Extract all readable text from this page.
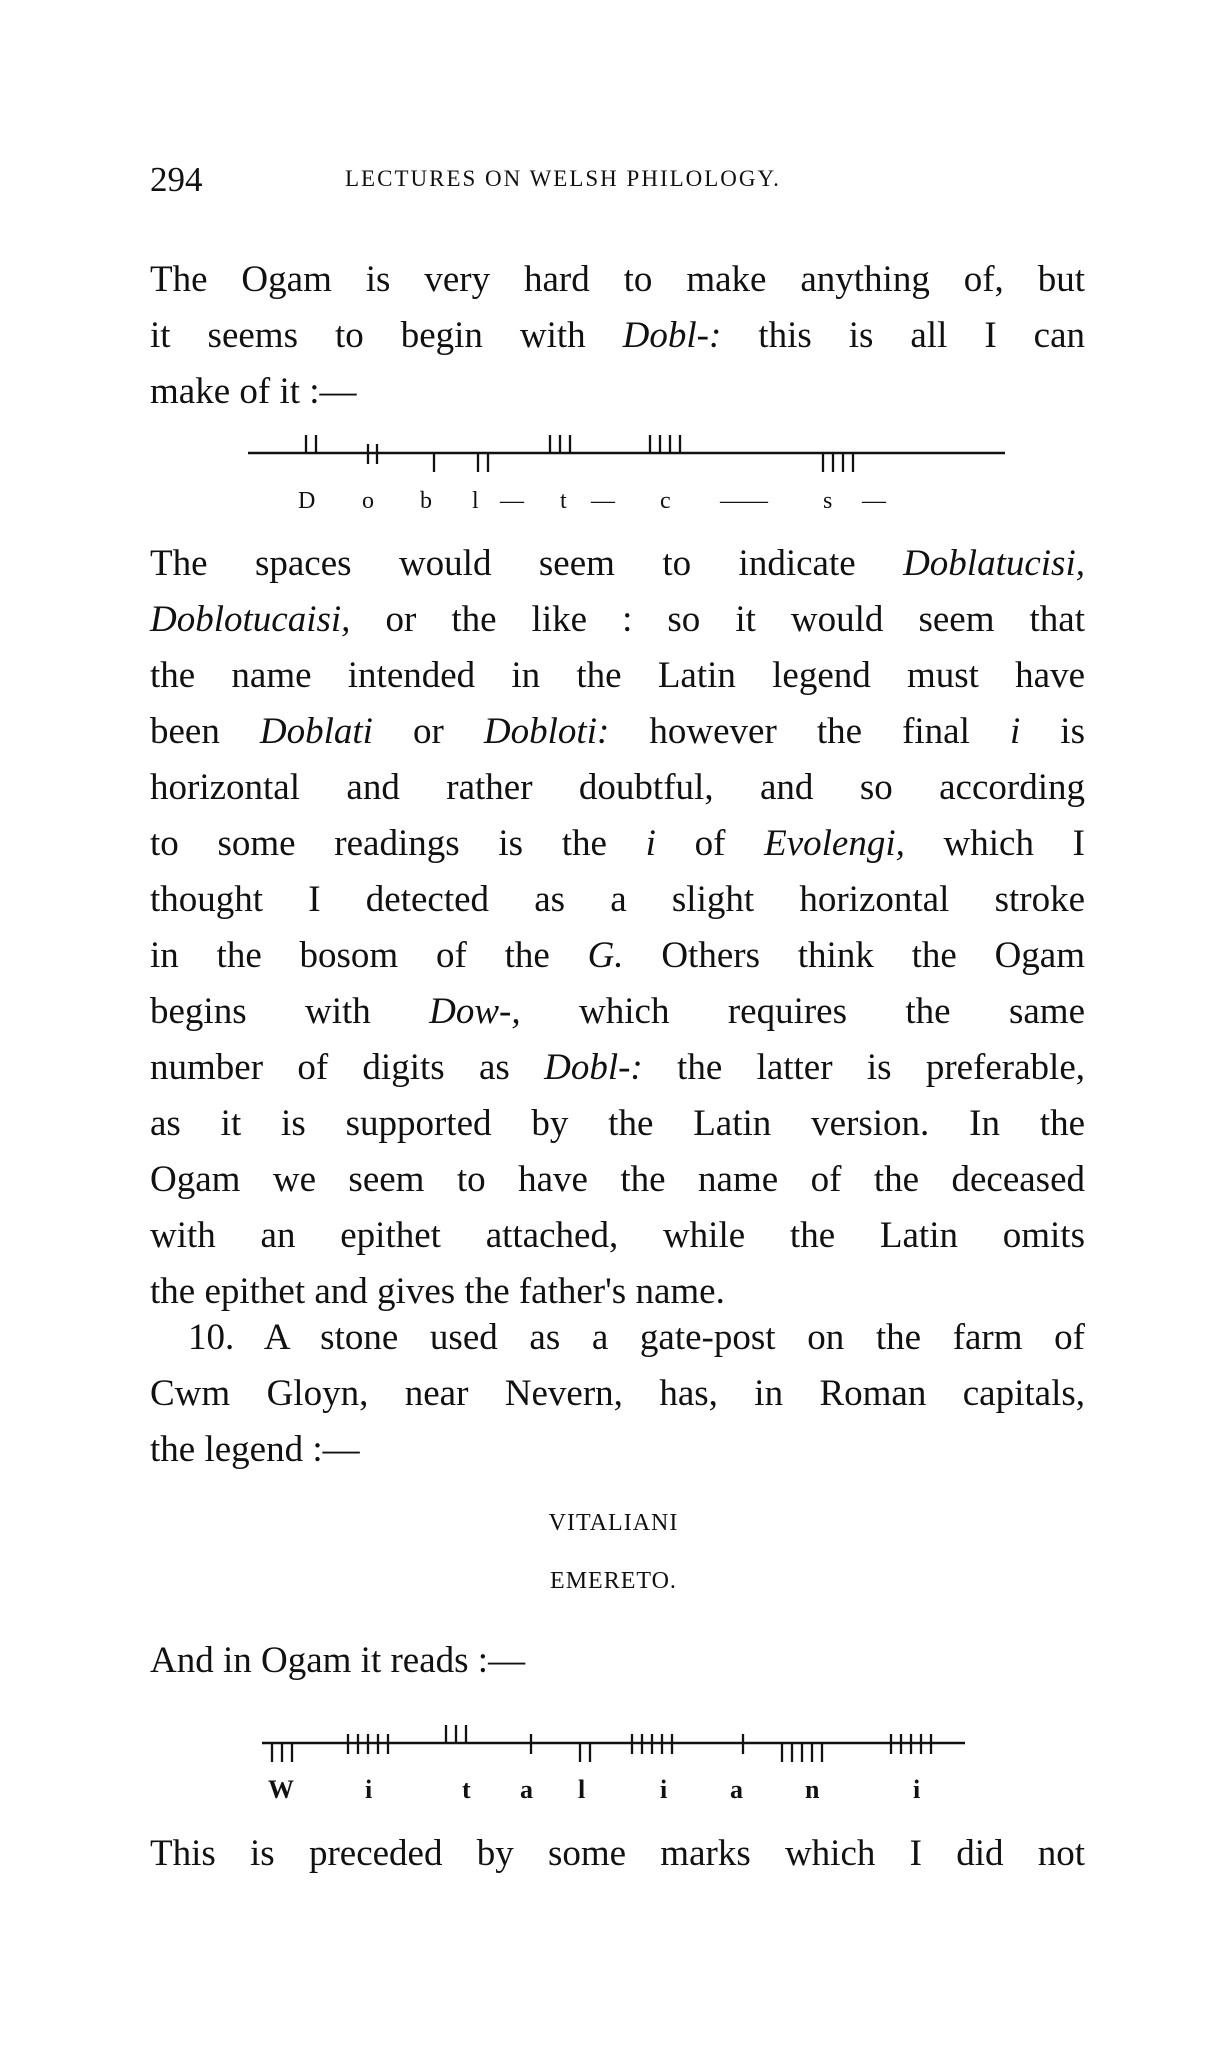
294	LECTURES ON WELSH PHILOLOGY.
The Ogam is very hard to make anything of, but
it seems to begin with Dobl-: this is all I can
make of it :—
D o b l — t — c —— s —
The spaces would seem to indicate Doblatucisi,
Doblotucaisi, or the like : so it would seem that
the name intended in the Latin legend must have
been Doblati or Dobloti: however the final i is
horizontal and rather doubtful, and so according
to some readings is the i of Evolengi, which I
thought I detected as a slight horizontal stroke
in the bosom of the G. Others think the Ogam
begins with Dow-, which requires the same
number of digits as Dobl-: the latter is preferable,
as it is supported by the Latin version. In the
Ogam we seem to have the name of the deceased
with an epithet attached, while the Latin omits
the epithet and gives the father's name.
10. A stone used as a gate-post on the farm of
Cwm Gloyn, near Nevern, has, in Roman capitals,
the legend :—
VITALIANI
EMERETO.
And in Ogam it reads :—
W	i	t a l	i a n	i
This is preceded by some marks which I did not
